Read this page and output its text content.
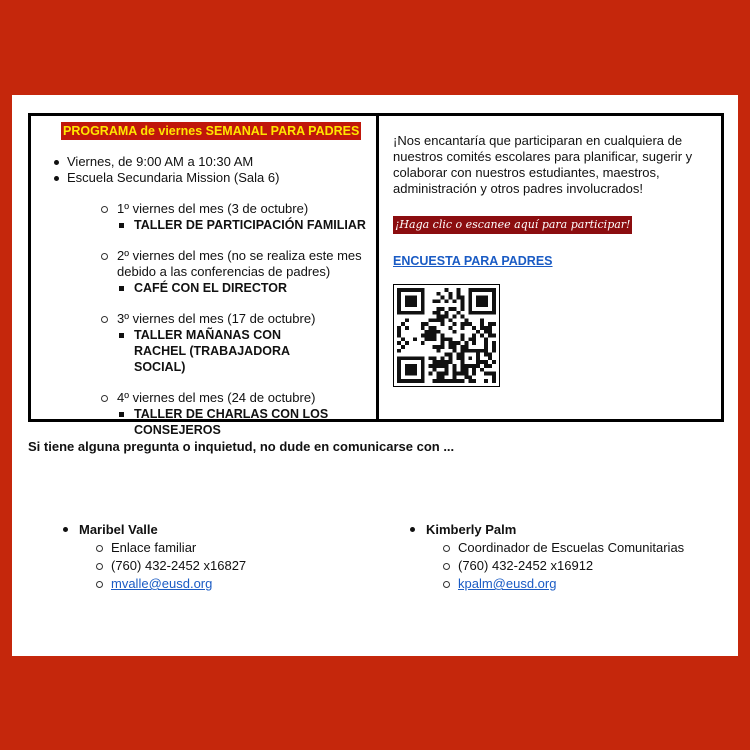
PROGRAMA de viernes SEMANAL PARA PADRES
Viernes, de 9:00 AM a 10:30 AM
Escuela Secundaria Mission (Sala 6)
1º viernes del mes (3 de octubre)
TALLER DE PARTICIPACIÓN FAMILIAR
2º viernes del mes (no se realiza este mes debido a las conferencias de padres)
CAFÉ CON EL DIRECTOR
3º viernes del mes (17 de octubre)
TALLER MAÑANAS CON RACHEL (TRABAJADORA SOCIAL)
4º viernes del mes (24 de octubre)
TALLER DE CHARLAS CON LOS CONSEJEROS
¡Nos encantaría que participaran en cualquiera de nuestros comités escolares para planificar, sugerir y colaborar con nuestros estudiantes, maestros, administración y otros padres involucrados!
¡Haga clic o escanee aquí para participar!
ENCUESTA PARA PADRES
Si tiene alguna pregunta o inquietud, no dude en comunicarse con ...
Maribel Valle
Enlace familiar
(760) 432-2452 x16827
mvalle@eusd.org
Kimberly Palm
Coordinador de Escuelas Comunitarias
(760) 432-2452 x16912
kpalm@eusd.org
